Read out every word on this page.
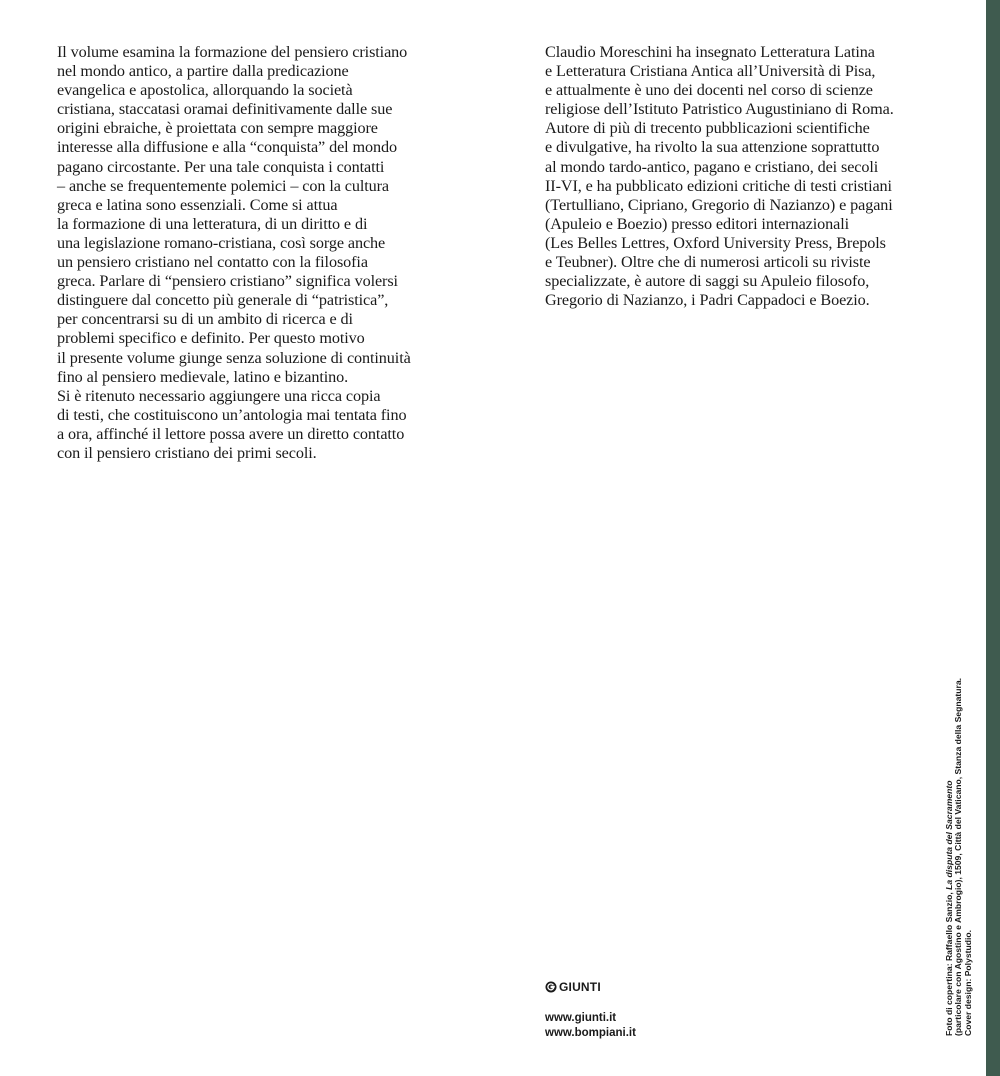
Il volume esamina la formazione del pensiero cristiano
nel mondo antico, a partire dalla predicazione
evangelica e apostolica, allorquando la società
cristiana, staccatasi oramai definitivamente dalle sue
origini ebraiche, è proiettata con sempre maggiore
interesse alla diffusione e alla “conquista” del mondo
pagano circostante. Per una tale conquista i contatti
– anche se frequentemente polemici – con la cultura
greca e latina sono essenziali. Come si attua
la formazione di una letteratura, di un diritto e di
una legislazione romano-cristiana, così sorge anche
un pensiero cristiano nel contatto con la filosofia
greca. Parlare di “pensiero cristiano” significa volersi
distinguere dal concetto più generale di “patristica”,
per concentrarsi su di un ambito di ricerca e di
problemi specifico e definito. Per questo motivo
il presente volume giunge senza soluzione di continuità
fino al pensiero medievale, latino e bizantino.
Si è ritenuto necessario aggiungere una ricca copia
di testi, che costituiscono un’antologia mai tentata fino
a ora, affinché il lettore possa avere un diretto contatto
con il pensiero cristiano dei primi secoli.
Claudio Moreschini ha insegnato Letteratura Latina
e Letteratura Cristiana Antica all’Università di Pisa,
e attualmente è uno dei docenti nel corso di scienze
religiose dell’Istituto Patristico Augustiniano di Roma.
Autore di più di trecento pubblicazioni scientifiche
e divulgative, ha rivolto la sua attenzione soprattutto
al mondo tardo-antico, pagano e cristiano, dei secoli
II-VI, e ha pubblicato edizioni critiche di testi cristiani
(Tertulliano, Cipriano, Gregorio di Nazianzo) e pagani
(Apuleio e Boezio) presso editori internazionali
(Les Belles Lettres, Oxford University Press, Brepols
e Teubner). Oltre che di numerosi articoli su riviste
specializzate, è autore di saggi su Apuleio filosofo,
Gregorio di Nazianzo, i Padri Cappadoci e Boezio.
GIUNTI
www.giunti.it
www.bompiani.it	Foto di copertina: Raffaello Sanzio, La disputa del Sacramento (particolare con Agostino e Ambrogio), 1509, Città del Vaticano, Stanza della Segnatura. Cover design: Polystudio.
